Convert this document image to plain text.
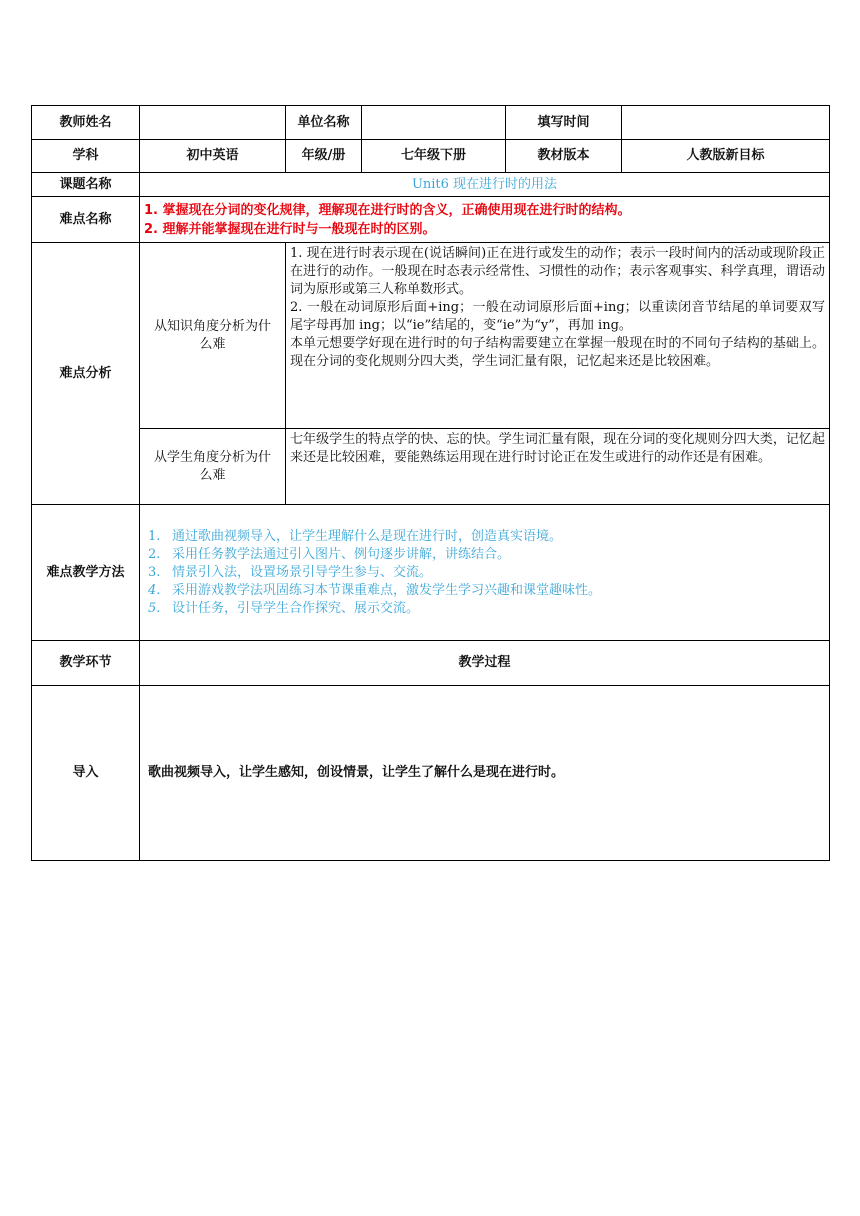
教师姓名		单位名称		填写时间	
学科	初中英语	年级/册	七年级下册	教材版本	人教版新目标
课题名称	Unit6 现在进行时的用法				
难点名称	1. 掌握现在分词的变化规律，理解现在进行时的含义，正确使用现在进行时的结构。
2. 理解并能掌握现在进行时与一般现在时的区别。				

难点分析	从知识角度分析为什么难	1. 现在进行时表示现在(说话瞬间)正在进行或发生的动作；表示一段时间内的活动或现阶段正在进行的动作。一般现在时态表示经常性、习惯性的动作；表示客观事实、科学真理，谓语动词为原形或第三人称单数形式。
2. 一般在动词原形后面+ing；一般在动词原形后面+ing；以重读闭音节结尾的单词要双写尾字母再加 ing；以“ie”结尾的，变“ie”为“y”，再加 ing。
本单元想要学好现在进行时的句子结构需要建立在掌握一般现在时的不同句子结构的基础上。现在分词的变化规则分四大类，学生词汇量有限，记忆起来还是比较困难。			

	从学生角度分析为什么难	七年级学生的特点学的快、忘的快。学生词汇量有限，现在分词的变化规则分四大类，记忆起来还是比较困难，要能熟练运用现在进行时讨论正在发生或进行的动作还是有困难。			
难点教学方法	1. 通过歌曲视频导入，让学生理解什么是现在进行时，创造真实语境。
2. 采用任务教学法通过引入图片、例句逐步讲解，讲练结合。
3. 情景引入法，设置场景引导学生参与、交流。
4. 采用游戏教学法巩固练习本节课重难点，激发学生学习兴趣和课堂趣味性。
5. 设计任务，引导学生合作探究、展示交流。				

教学环节	教学过程				
导入	歌曲视频导入，让学生感知，创设情景，让学生了解什么是现在进行时。				
